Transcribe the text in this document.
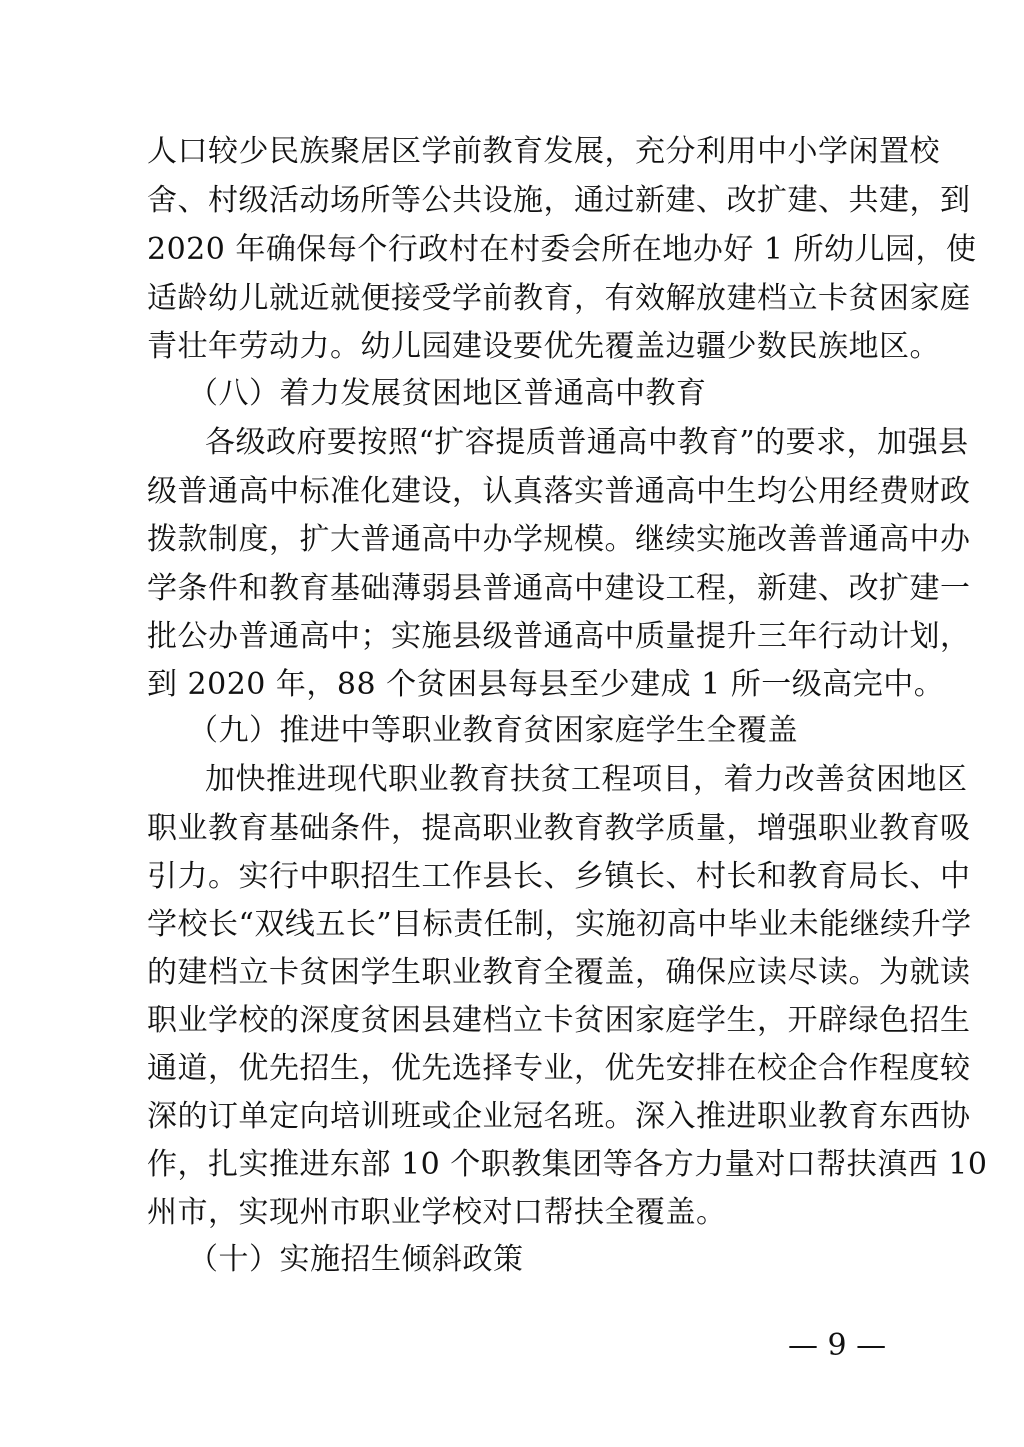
人口较少民族聚居区学前教育发展，充分利用中小学闲置校
舍、村级活动场所等公共设施，通过新建、改扩建、共建，到
2020 年确保每个行政村在村委会所在地办好 1 所幼儿园，使
适龄幼儿就近就便接受学前教育，有效解放建档立卡贫困家庭
青壮年劳动力。幼儿园建设要优先覆盖边疆少数民族地区。
（八）着力发展贫困地区普通高中教育
各级政府要按照“扩容提质普通高中教育”的要求，加强县
级普通高中标准化建设，认真落实普通高中生均公用经费财政
拨款制度，扩大普通高中办学规模。继续实施改善普通高中办
学条件和教育基础薄弱县普通高中建设工程，新建、改扩建一
批公办普通高中；实施县级普通高中质量提升三年行动计划，
到 2020 年，88 个贫困县每县至少建成 1 所一级高完中。
（九）推进中等职业教育贫困家庭学生全覆盖
加快推进现代职业教育扶贫工程项目，着力改善贫困地区
职业教育基础条件，提高职业教育教学质量，增强职业教育吸
引力。实行中职招生工作县长、乡镇长、村长和教育局长、中
学校长“双线五长”目标责任制，实施初高中毕业未能继续升学
的建档立卡贫困学生职业教育全覆盖，确保应读尽读。为就读
职业学校的深度贫困县建档立卡贫困家庭学生，开辟绿色招生
通道，优先招生，优先选择专业，优先安排在校企合作程度较
深的订单定向培训班或企业冠名班。深入推进职业教育东西协
作，扎实推进东部 10 个职教集团等各方力量对口帮扶滇西 10
州市，实现州市职业学校对口帮扶全覆盖。
（十）实施招生倾斜政策
— 9 —
